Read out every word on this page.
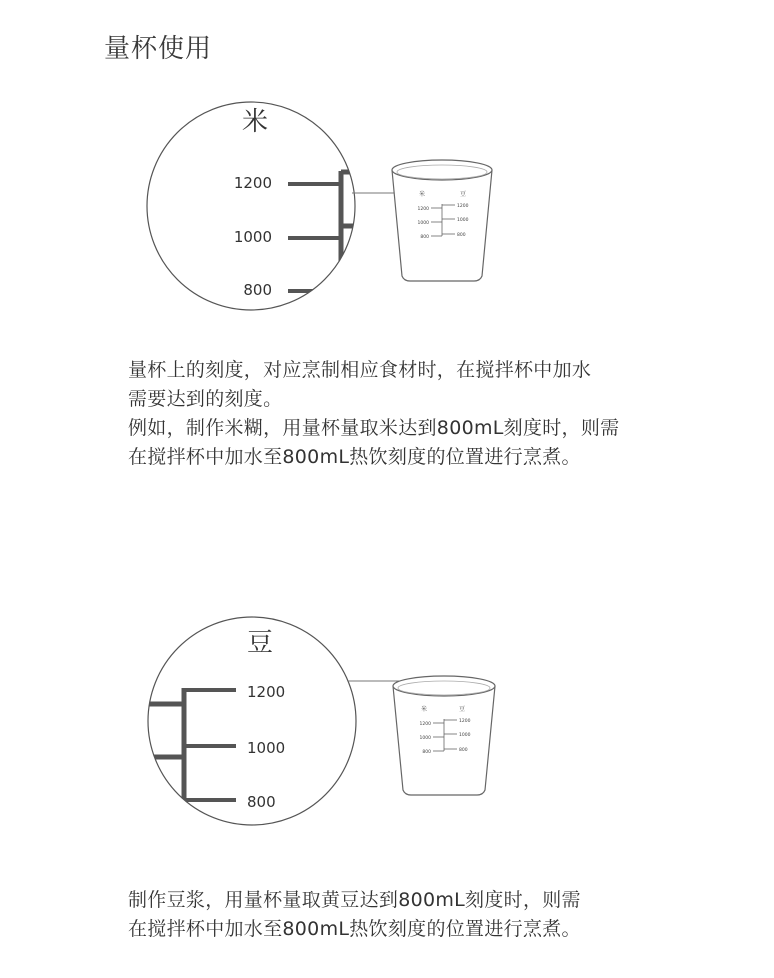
量杯使用
米
1200
1000
800
米	豆
1200
1000
800
1200
1000
800

量杯上的刻度，对应烹制相应食材时，在搅拌杯中加水

需要达到的刻度。

例如，制作米糊，用量杯量取米达到800mL刻度时，则需

在搅拌杯中加水至800mL热饮刻度的位置进行烹煮。

豆
1200
1000
800
米	豆
1200
1000
800
1200
1000
800

制作豆浆，用量杯量取黄豆达到800mL刻度时，则需

在搅拌杯中加水至800mL热饮刻度的位置进行烹煮。
